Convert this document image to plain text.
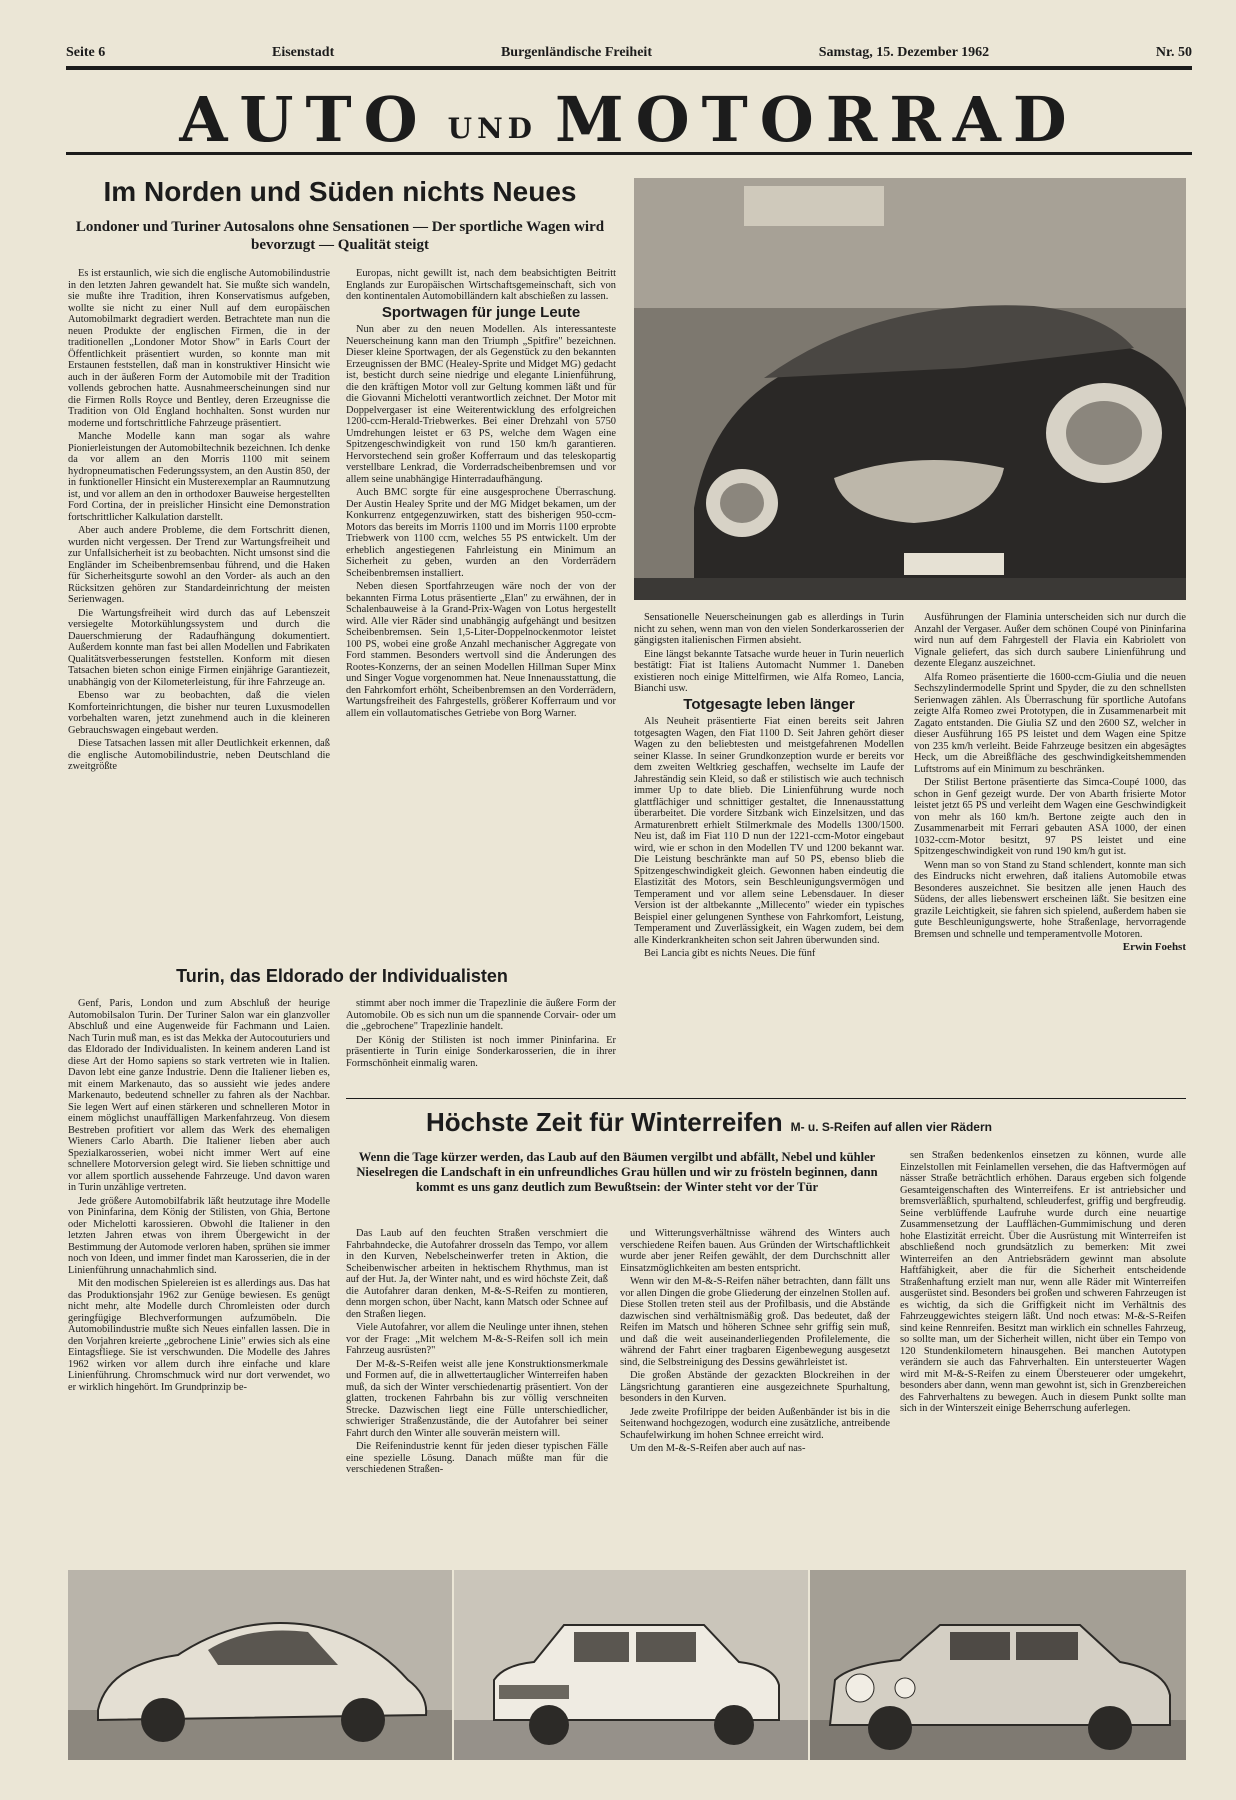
Seite 6	Eisenstadt	Burgenländische Freiheit	Samstag, 15. Dezember 1962	Nr. 50
AUTO UND MOTORRAD
Im Norden und Süden nichts Neues
Londoner und Turiner Autosalons ohne Sensationen — Der sportliche Wagen wird bevorzugt — Qualität steigt

Es ist erstaunlich, wie sich die englische Automobilindustrie in den letzten Jahren gewandelt hat. Sie mußte sich wandeln, sie mußte ihre Tradition, ihren Konservatismus aufgeben, wollte sie nicht zu einer Null auf dem europäischen Automobilmarkt degradiert werden. Betrachtete man nun die neuen Produkte der englischen Firmen, die in der traditionellen „Londoner Motor Show" in Earls Court der Öffentlichkeit präsentiert wurden, so konnte man mit Erstaunen feststellen, daß man in konstruktiver Hinsicht wie auch in der äußeren Form der Automobile mit der Tradition vollends gebrochen hatte. Ausnahmeerscheinungen sind nur die Firmen Rolls Royce und Bentley, deren Erzeugnisse die Tradition von Old England hochhalten. Sonst wurden nur moderne und fortschrittliche Fahrzeuge präsentiert.

Manche Modelle kann man sogar als wahre Pionierleistungen der Automobiltechnik bezeichnen. Ich denke da vor allem an den Morris 1100 mit seinem hydropneumatischen Federungssystem, an den Austin 850, der in funktioneller Hinsicht ein Musterexemplar an Raumnutzung ist, und vor allem an den in orthodoxer Bauweise hergestellten Ford Cortina, der in preislicher Hinsicht eine Demonstration fortschrittlicher Kalkulation darstellt.

Aber auch andere Probleme, die dem Fortschritt dienen, wurden nicht vergessen. Der Trend zur Wartungsfreiheit und zur Unfallsicherheit ist zu beobachten. Nicht umsonst sind die Engländer im Scheibenbremsenbau führend, und die Haken für Sicherheitsgurte sowohl an den Vorder- als auch an den Rücksitzen gehören zur Standardeinrichtung der meisten Serienwagen.

Die Wartungsfreiheit wird durch das auf Lebenszeit versiegelte Motorkühlungssystem und durch die Dauerschmierung der Radaufhängung dokumentiert. Außerdem konnte man fast bei allen Modellen und Fabrikaten Qualitätsverbesserungen feststellen. Konform mit diesen Tatsachen bieten schon einige Firmen einjährige Garantiezeit, unabhängig von der Kilometerleistung, für ihre Fahrzeuge an.

Ebenso war zu beobachten, daß die vielen Komforteinrichtungen, die bisher nur teuren Luxusmodellen vorbehalten waren, jetzt zunehmend auch in die kleineren Gebrauchswagen eingebaut werden.

Diese Tatsachen lassen mit aller Deutlichkeit erkennen, daß die englische Automobilindustrie, neben Deutschland die zweitgrößte

Europas, nicht gewillt ist, nach dem beabsichtigten Beitritt Englands zur Europäischen Wirtschaftsgemeinschaft, sich von den kontinentalen Automobilländern kalt abschießen zu lassen.

Sportwagen für junge Leute

Nun aber zu den neuen Modellen. Als interessanteste Neuerscheinung kann man den Triumph „Spitfire" bezeichnen. Dieser kleine Sportwagen, der als Gegenstück zu den bekannten Erzeugnissen der BMC (Healey-Sprite und Midget MG) gedacht ist, besticht durch seine niedrige und elegante Linienführung, die den kräftigen Motor voll zur Geltung kommen läßt und für die Giovanni Michelotti verantwortlich zeichnet. Der Motor mit Doppelvergaser ist eine Weiterentwicklung des erfolgreichen 1200-ccm-Herald-Triebwerkes. Bei einer Drehzahl von 5750 Umdrehungen leistet er 63 PS, welche dem Wagen eine Spitzengeschwindigkeit von rund 150 km/h garantieren. Hervorstechend sein großer Kofferraum und das teleskopartig verstellbare Lenkrad, die Vorderradscheibenbremsen und vor allem seine unabhängige Hinterradaufhängung.

Auch BMC sorgte für eine ausgesprochene Überraschung. Der Austin Healey Sprite und der MG Midget bekamen, um der Konkurrenz entgegenzuwirken, statt des bisherigen 950-ccm-Motors das bereits im Morris 1100 und im Morris 1100 erprobte Triebwerk von 1100 ccm, welches 55 PS entwickelt. Um der erheblich angestiegenen Fahrleistung ein Minimum an Sicherheit zu geben, wurden an den Vorderrädern Scheibenbremsen installiert.

Neben diesen Sportfahrzeugen wäre noch der von der bekannten Firma Lotus präsentierte „Elan" zu erwähnen, der in Schalenbauweise à la Grand-Prix-Wagen von Lotus hergestellt wird. Alle vier Räder sind unabhängig aufgehängt und besitzen Scheibenbremsen. Sein 1,5-Liter-Doppelnockenmotor leistet 100 PS, wobei eine große Anzahl mechanischer Aggregate von Ford stammen. Besonders wertvoll sind die Änderungen des Rootes-Konzerns, der an seinen Modellen Hillman Super Minx und Singer Vogue vorgenommen hat. Neue Innenausstattung, die den Fahrkomfort erhöht, Scheibenbremsen an den Vorderrädern, Wartungsfreiheit des Fahrgestells, größerer Kofferraum und vor allem ein vollautomatisches Getriebe von Borg Warner.

Sensationelle Neuerscheinungen gab es allerdings in Turin nicht zu sehen, wenn man von den vielen Sonderkarosserien der gängigsten italienischen Firmen absieht.

Eine längst bekannte Tatsache wurde heuer in Turin neuerlich bestätigt: Fiat ist Italiens Automacht Nummer 1. Daneben existieren noch einige Mittelfirmen, wie Alfa Romeo, Lancia, Bianchi usw.

Totgesagte leben länger

Als Neuheit präsentierte Fiat einen bereits seit Jahren totgesagten Wagen, den Fiat 1100 D. Seit Jahren gehört dieser Wagen zu den beliebtesten und meistgefahrenen Modellen seiner Klasse. In seiner Grundkonzeption wurde er bereits vor dem zweiten Weltkrieg geschaffen, wechselte im Laufe der Jahreständig sein Kleid, so daß er stilistisch wie auch technisch immer Up to date blieb. Die Linienführung wurde noch glattflächiger und schnittiger gestaltet, die Innenausstattung überarbeitet. Die vordere Sitzbank wich Einzelsitzen, und das Armaturenbrett erhielt Stilmerkmale des Modells 1300/1500. Neu ist, daß im Fiat 110 D nun der 1221-ccm-Motor eingebaut wird, wie er schon in den Modellen TV und 1200 bekannt war. Die Leistung beschränkte man auf 50 PS, ebenso blieb die Spitzengeschwindigkeit gleich. Gewonnen haben eindeutig die Elastizität des Motors, sein Beschleunigungsvermögen und Temperament und vor allem seine Lebensdauer. In dieser Version ist der altbekannte „Millecento" wieder ein typisches Beispiel einer gelungenen Synthese von Fahrkomfort, Leistung, Temperament und Zuverlässigkeit, ein Wagen zudem, bei dem alle Kinderkrankheiten schon seit Jahren überwunden sind.

Bei Lancia gibt es nichts Neues. Die fünf

Ausführungen der Flaminia unterscheiden sich nur durch die Anzahl der Vergaser. Außer dem schönen Coupé von Pininfarina wird nun auf dem Fahrgestell der Flavia ein Kabriolett von Vignale geliefert, das sich durch saubere Linienführung und dezente Eleganz auszeichnet.

Alfa Romeo präsentierte die 1600-ccm-Giulia und die neuen Sechszylindermodelle Sprint und Spyder, die zu den schnellsten Serienwagen zählen. Als Überraschung für sportliche Autofans zeigte Alfa Romeo zwei Prototypen, die in Zusammenarbeit mit Zagato entstanden. Die Giulia SZ und den 2600 SZ, welcher in dieser Ausführung 165 PS leistet und dem Wagen eine Spitze von 235 km/h verleiht. Beide Fahrzeuge besitzen ein abgesägtes Heck, um die Abreißfläche des geschwindigkeitshemmenden Luftstroms auf ein Minimum zu beschränken.

Der Stilist Bertone präsentierte das Simca-Coupé 1000, das schon in Genf gezeigt wurde. Der von Abarth frisierte Motor leistet jetzt 65 PS und verleiht dem Wagen eine Geschwindigkeit von mehr als 160 km/h. Bertone zeigte auch den in Zusammenarbeit mit Ferrari gebauten ASA 1000, der einen 1032-ccm-Motor besitzt, 97 PS leistet und eine Spitzengeschwindigkeit von rund 190 km/h gut ist.

Wenn man so von Stand zu Stand schlendert, konnte man sich des Eindrucks nicht erwehren, daß italiens Automobile etwas Besonderes auszeichnet. Sie besitzen alle jenen Hauch des Südens, der alles liebenswert erscheinen läßt. Sie besitzen eine grazile Leichtigkeit, sie fahren sich spielend, außerdem haben sie gute Beschleunigungswerte, hohe Straßenlage, hervorragende Bremsen und schnelle und temperamentvolle Motoren.

Erwin Foehst
Turin, das Eldorado der Individualisten

Genf, Paris, London und zum Abschluß der heurige Automobilsalon Turin. Der Turiner Salon war ein glanzvoller Abschluß und eine Augenweide für Fachmann und Laien. Nach Turin muß man, es ist das Mekka der Autocouturiers und das Eldorado der Individualisten. In keinem anderen Land ist diese Art der Homo sapiens so stark vertreten wie in Italien. Davon lebt eine ganze Industrie. Denn die Italiener lieben es, mit einem Markenauto, das so aussieht wie jedes andere Markenauto, bedeutend schneller zu fahren als der Nachbar. Sie legen Wert auf einen stärkeren und schnelleren Motor in einem möglichst unauffälligen Markenfahrzeug. Von diesem Bestreben profitiert vor allem das Werk des ehemaligen Wieners Carlo Abarth. Die Italiener lieben aber auch Spezialkarosserien, wobei nicht immer Wert auf eine schnellere Motorversion gelegt wird. Sie lieben schnittige und vor allem sportlich aussehende Fahrzeuge. Und davon waren in Turin unzählige vertreten.

Jede größere Automobilfabrik läßt heutzutage ihre Modelle von Pininfarina, dem König der Stilisten, von Ghia, Bertone oder Michelotti karossieren. Obwohl die Italiener in den letzten Jahren etwas von ihrem Übergewicht in der Bestimmung der Automode verloren haben, sprühen sie immer noch von Ideen, und immer findet man Karosserien, die in der Linienführung unnachahmlich sind.

Mit den modischen Spielereien ist es allerdings aus. Das hat das Produktionsjahr 1962 zur Genüge bewiesen. Es genügt nicht mehr, alte Modelle durch Chromleisten oder durch geringfügige Blechverformungen aufzumöbeln. Die Automobilindustrie mußte sich Neues einfallen lassen. Die in den Vorjahren kreierte „gebrochene Linie" erwies sich als eine Eintagsfliege. Sie ist verschwunden. Die Modelle des Jahres 1962 wirken vor allem durch ihre einfache und klare Linienführung. Chromschmuck wird nur dort verwendet, wo er wirklich hingehört. Im Grundprinzip be-

stimmt aber noch immer die Trapezlinie die äußere Form der Automobile. Ob es sich nun um die spannende Corvair- oder um die „gebrochene" Trapezlinie handelt.

Der König der Stilisten ist noch immer Pininfarina. Er präsentierte in Turin einige Sonderkarosserien, die in ihrer Formschönheit einmalig waren.

Höchste Zeit für Winterreifen M- u. S-Reifen auf allen vier Rädern
Wenn die Tage kürzer werden, das Laub auf den Bäumen vergilbt und abfällt, Nebel und kühler Nieselregen die Landschaft in ein unfreundliches Grau hüllen und wir zu frösteln beginnen, dann kommt es uns ganz deutlich zum Bewußtsein: der Winter steht vor der Tür

Das Laub auf den feuchten Straßen verschmiert die Fahrbahndecke, die Autofahrer drosseln das Tempo, vor allem in den Kurven, Nebelscheinwerfer treten in Aktion, die Scheibenwischer arbeiten in hektischem Rhythmus, man ist auf der Hut. Ja, der Winter naht, und es wird höchste Zeit, daß die Autofahrer daran denken, M-&-S-Reifen zu montieren, denn morgen schon, über Nacht, kann Matsch oder Schnee auf den Straßen liegen.

Viele Autofahrer, vor allem die Neulinge unter ihnen, stehen vor der Frage: „Mit welchem M-&-S-Reifen soll ich mein Fahrzeug ausrüsten?"

Der M-&-S-Reifen weist alle jene Konstruktionsmerkmale und Formen auf, die in allwettertauglicher Winterreifen haben muß, da sich der Winter verschiedenartig präsentiert. Von der glatten, trockenen Fahrbahn bis zur völlig verschneiten Strecke. Dazwischen liegt eine Fülle unterschiedlicher, schwieriger Straßenzustände, die der Autofahrer bei seiner Fahrt durch den Winter alle souverän meistern will.

Die Reifenindustrie kennt für jeden dieser typischen Fälle eine spezielle Lösung. Danach müßte man für die verschiedenen Straßen-

und Witterungsverhältnisse während des Winters auch verschiedene Reifen bauen. Aus Gründen der Wirtschaftlichkeit wurde aber jener Reifen gewählt, der dem Durchschnitt aller Einsatzmöglichkeiten am besten entspricht.

Wenn wir den M-&-S-Reifen näher betrachten, dann fällt uns vor allen Dingen die grobe Gliederung der einzelnen Stollen auf. Diese Stollen treten steil aus der Profilbasis, und die Abstände dazwischen sind verhältnismäßig groß. Das bedeutet, daß der Reifen im Matsch und höheren Schnee sehr griffig sein muß, und daß die weit auseinanderliegenden Profilelemente, die während der Fahrt einer tragbaren Eigenbewegung ausgesetzt sind, die Selbstreinigung des Dessins gewährleistet ist.

Die großen Abstände der gezackten Blockreihen in der Längsrichtung garantieren eine ausgezeichnete Spurhaltung, besonders in den Kurven.

Jede zweite Profilrippe der beiden Außenbänder ist bis in die Seitenwand hochgezogen, wodurch eine zusätzliche, antreibende Schaufelwirkung im hohen Schnee erreicht wird.

Um den M-&-S-Reifen aber auch auf nas-

sen Straßen bedenkenlos einsetzen zu können, wurde alle Einzelstollen mit Feinlamellen versehen, die das Haftvermögen auf nässer Straße beträchtlich erhöhen. Daraus ergeben sich folgende Gesamteigenschaften des Winterreifens. Er ist antriebsicher und bremsverläßlich, spurhaltend, schleuderfest, griffig und bergfreudig. Seine verblüffende Laufruhe wurde durch eine neuartige Zusammensetzung der Laufflächen-Gummimischung und deren hohe Elastizität erreicht. Über die Ausrüstung mit Winterreifen ist abschließend noch grundsätzlich zu bemerken: Mit zwei Winterreifen an den Antriebsrädern gewinnt man absolute Haftfähigkeit, aber die für die Sicherheit entscheidende Straßenhaftung erzielt man nur, wenn alle Räder mit Winterreifen ausgerüstet sind. Besonders bei großen und schweren Fahrzeugen ist es wichtig, da sich die Griffigkeit nicht im Verhältnis des Fahrzeuggewichtes steigern läßt. Und noch etwas: M-&-S-Reifen sind keine Rennreifen. Besitzt man wirklich ein schnelles Fahrzeug, so sollte man, um der Sicherheit willen, nicht über ein Tempo von 120 Stundenkilometern hinausgehen. Bei manchen Autotypen verändern sie auch das Fahrverhalten. Ein untersteuerter Wagen wird mit M-&-S-Reifen zu einem Übersteuerer oder umgekehrt, besonders aber dann, wenn man gewohnt ist, sich in Grenzbereichen des Fahrverhaltens zu bewegen. Auch in diesem Punkt sollte man sich in der Winterszeit einige Beherrschung auferlegen.
